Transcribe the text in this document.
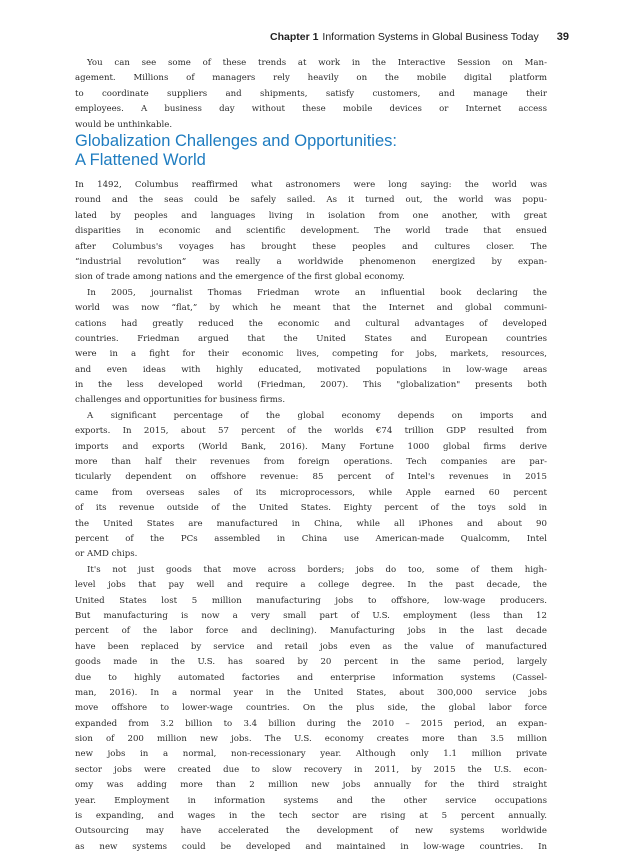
Chapter 1 Information Systems in Global Business Today 39
You can see some of these trends at work in the Interactive Session on Man-
agement. Millions of managers rely heavily on the mobile digital platform
to coordinate suppliers and shipments, satisfy customers, and manage their
employees. A business day without these mobile devices or Internet access
would be unthinkable.
Globalization Challenges and Opportunities:
A Flattened World
In 1492, Columbus reaffirmed what astronomers were long saying: the world was
round and the seas could be safely sailed. As it turned out, the world was popu-
lated by peoples and languages living in isolation from one another, with great
disparities in economic and scientific development. The world trade that ensued
after Columbus's voyages has brought these peoples and cultures closer. The
“industrial revolution” was really a worldwide phenomenon energized by expan-
sion of trade among nations and the emergence of the first global economy.
In 2005, journalist Thomas Friedman wrote an influential book declaring the
world was now “flat,” by which he meant that the Internet and global communi-
cations had greatly reduced the economic and cultural advantages of developed
countries. Friedman argued that the United States and European countries
were in a fight for their economic lives, competing for jobs, markets, resources,
and even ideas with highly educated, motivated populations in low-wage areas
in the less developed world (Friedman, 2007). This "globalization" presents both
challenges and opportunities for business firms.
A significant percentage of the global economy depends on imports and
exports. In 2015, about 57 percent of the worlds €74 trillion GDP resulted from
imports and exports (World Bank, 2016). Many Fortune 1000 global firms derive
more than half their revenues from foreign operations. Tech companies are par-
ticularly dependent on offshore revenue: 85 percent of Intel's revenues in 2015
came from overseas sales of its microprocessors, while Apple earned 60 percent
of its revenue outside of the United States. Eighty percent of the toys sold in
the United States are manufactured in China, while all iPhones and about 90
percent of the PCs assembled in China use American-made Qualcomm, Intel
or AMD chips.
It's not just goods that move across borders; jobs do too, some of them high-
level jobs that pay well and require a college degree. In the past decade, the
United States lost 5 million manufacturing jobs to offshore, low-wage producers.
But manufacturing is now a very small part of U.S. employment (less than 12
percent of the labor force and declining). Manufacturing jobs in the last decade
have been replaced by service and retail jobs even as the value of manufactured
goods made in the U.S. has soared by 20 percent in the same period, largely
due to highly automated factories and enterprise information systems (Cassel-
man, 2016). In a normal year in the United States, about 300,000 service jobs
move offshore to lower-wage countries. On the plus side, the global labor force
expanded from 3.2 billion to 3.4 billion during the 2010 – 2015 period, an expan-
sion of 200 million new jobs. The U.S. economy creates more than 3.5 million
new jobs in a normal, non-recessionary year. Although only 1.1 million private
sector jobs were created due to slow recovery in 2011, by 2015 the U.S. econ-
omy was adding more than 2 million new jobs annually for the third straight
year. Employment in information systems and the other service occupations
is expanding, and wages in the tech sector are rising at 5 percent annually.
Outsourcing may have accelerated the development of new systems worldwide
as new systems could be developed and maintained in low-wage countries. In
